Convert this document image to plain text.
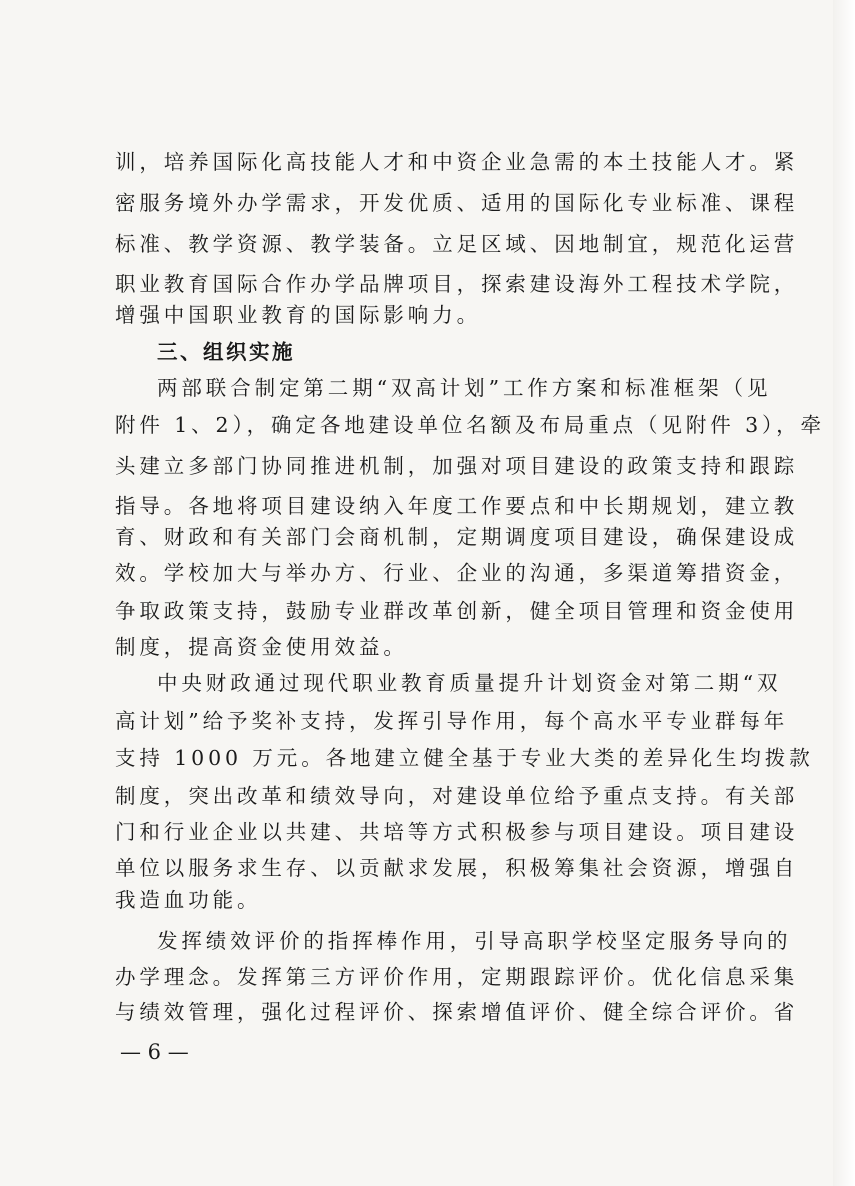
训，培养国际化高技能人才和中资企业急需的本土技能人才。紧

密服务境外办学需求，开发优质、适用的国际化专业标准、课程

标准、教学资源、教学装备。立足区域、因地制宜，规范化运营

职业教育国际合作办学品牌项目，探索建设海外工程技术学院，

增强中国职业教育的国际影响力。

三、组织实施

两部联合制定第二期“双高计划”工作方案和标准框架（见

附件 1、2），确定各地建设单位名额及布局重点（见附件 3），牵

头建立多部门协同推进机制，加强对项目建设的政策支持和跟踪

指导。各地将项目建设纳入年度工作要点和中长期规划，建立教

育、财政和有关部门会商机制，定期调度项目建设，确保建设成

效。学校加大与举办方、行业、企业的沟通，多渠道筹措资金，

争取政策支持，鼓励专业群改革创新，健全项目管理和资金使用

制度，提高资金使用效益。

中央财政通过现代职业教育质量提升计划资金对第二期“双

高计划”给予奖补支持，发挥引导作用，每个高水平专业群每年

支持 1000 万元。各地建立健全基于专业大类的差异化生均拨款

制度，突出改革和绩效导向，对建设单位给予重点支持。有关部

门和行业企业以共建、共培等方式积极参与项目建设。项目建设

单位以服务求生存、以贡献求发展，积极筹集社会资源，增强自

我造血功能。

发挥绩效评价的指挥棒作用，引导高职学校坚定服务导向的

办学理念。发挥第三方评价作用，定期跟踪评价。优化信息采集

与绩效管理，强化过程评价、探索增值评价、健全综合评价。省

— 6 —
